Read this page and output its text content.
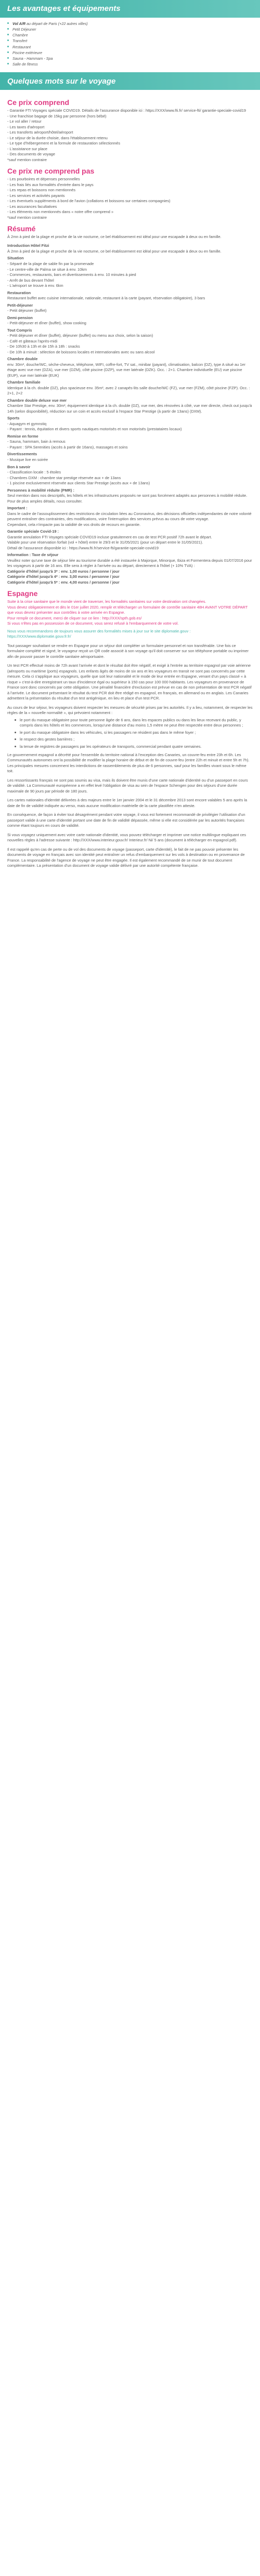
Les avantages et équipements
Vol A/R au départ de Paris (+22 autres villes)
Petit Déjeuner
Chambre
Transfert
Restaurant
Piscine extérieure
Sauna - Hammam - Spa
Salle de fitness
Quelques mots sur le voyage
Ce prix comprend
- Garantie FTI Voyages spéciale COVID19. Détails de l'assurance disponible ici : https://XXX/www.fti.fr/ service-fti/ garantie-speciale-covid19
- Une franchise bagage de 15kg par personne (hors bébé)
- Le vol aller / retour
- Les taxes d'aéroport
- Les transferts aéroport/hôtel/aéroport
- Le séjour de la durée choisie, dans l'établissement retenu
- Le type d'hébergement et la formule de restauration sélectionnés
- L'assistance sur place
- Des documents de voyage
*sauf mention contraire
Ce prix ne comprend pas
- Les pourboires et dépenses personnelles
- Les frais liés aux formalités d'entrée dans le pays
- Les repas et boissons non mentionnés
- Les services et activités payants
- Les éventuels suppléments à bord de l'avion (collations et boissons sur certaines compagnies)
- Les assurances facultatives
- Les éléments non mentionnés dans « notre offre comprend »
*sauf mention contraire
Résumé

À 2mn à pied de la plage et proche de la vie nocturne, ce bel établissement est idéal pour une escapade à deux ou en famille.

Introduction Hôtel Fitzi
À 2mn à pied de la plage et proche de la vie nocturne, ce bel établissement est idéal pour une escapade à deux ou en famille.
Situation
- Séparé de la plage de sable fin par la promenade
- Le centre-ville de Palma se situe à env. 10km
- Commerces, restaurants, bars et divertissements à env. 10 minutes à pied
- Arrêt de bus devant l'hôtel
- L'aéroport se trouve à env. 6km
Restauration
Restaurant buffet avec cuisine internationale, nationale, restaurant à la carte (payant, réservation obligatoire), 3 bars
Petit-déjeuner
- Petit déjeuner (buffet)
Demi-pension
- Petit-déjeuner et dîner (buffet), show cooking
Tout Compris
- Petit déjeuner et dîner (buffet), déjeuner (buffet) ou menu aux choix, selon la saison)
- Café et gâteaux l'après-midi
- De 10h30 à 13h et de 15h à 18h : snacks
- De 10h à minuit : sélection de boissons locales et internationales avec ou sans alcool
Chambre double
env. 30m², douche/WC, sèche-cheveux, téléphone, WIFI, coffre-fort, TV sat., minibar (payant), climatisation, balcon (DZ), type A situé au 1er étage avec vue mer (DZA), vue mer (DZM), côté piscine (DZP), vue mer latérale (DZK). Occ. : 2+1. Chambre individuelle (EU) vue piscine (EUP), vue mer latérale (EUK)
Chambre familiale
Identique à la ch. double (DZ), plus spacieuse env. 35m², avec 2 canapés-lits salle douche/WC (FZ), vue mer (FZM), côté piscine (FZP). Occ. : 2+1, 2+2
Chambre double deluxe vue mer
Chambre Star Prestige, env. 30m², équipement identique à la ch. double (DZ), vue mer, des rénovées à côté, vue mer directe, check out jusqu'à 14h (selon disponibilité), réduction sur un coin et accès exclusif à l'espace Star Prestige (à partir de 13ans) (DXM).
Sports
- Aquagym et gymnstiq
- Payant : tennis, équitation et divers sports nautiques motorisés et non motorisés (prestataires locaux)
Remise en forme
- Sauna, hammam, bain à remous
- Payant : SPA Serenities (accès à partir de 16ans), massages et soins
Divertissements
- Musique live en soirée
Bon à savoir
- Classification locale : 5 étoiles
- Chambres DXM : chambre star prestige réservée aux + de 13ans
- 1 piscine exclusivement réservée aux clients Star Prestige (accès aux + de 13ans)
Personnes à mobilité réduite (PMR) :
Seul mention dans nos descriptifs, les hôtels et les infrastructures proposés ne sont pas forcément adaptés aux personnes à mobilité réduite. Pour de plus amples détails, nous consulter.
Important :
Dans le cadre de l'assouplissement des restrictions de circulation liées au Coronavirus, des décisions officielles indépendantes de notre volonté peuvent entraîner des contraintes, des modifications, voire l'interruption des services prévus au cours de votre voyage.
Cependant, cela n'impacte pas la validité de vos droits de recours en garantie.
Garantie spéciale Covid-19 :
Garantie annulation FTI Voyages spéciale COVID19 incluse gratuitement en cas de test PCR positif 72h avant le départ.
Valable pour une réservation forfait (vol + hôtel) entre le 29/3 et le 31/05/2021 (pour un départ entre le 31/05/2021).
Détail de l'assurance disponible ici : https://www.fti.fr/service-fti/garantie-speciale-covid19
Information : Taxe de séjour
Veuillez noter qu'une taxe de séjour liée au tourisme durable a été instaurée à Majorque, Minorque, Ibiza et Formentera depuis 01/07/2016 pour les voyageurs à partir de 16 ans. Elle sera à régler à l'arrivée ou au départ, directement à l'hôtel (+ 10% TVA) :
Catégorie d'hôtel jusqu'à 3* : env. 1,00 euros / personne / jour
Catégorie d'hôtel jusqu'à 4* : env. 3,00 euros / personne / jour
Catégorie d'hôtel jusqu'à 5* : env. 4,00 euros / personne / jour
Espagne
Suite à la crise sanitaire que le monde vient de traverser, les formalités sanitaires sur votre destination ont changées.
Vous devez obligatoirement et dès le 01er juillet 2020, remplir et télécharger un formulaire de contrôle sanitaire 48H AVANT VOTRE DÉPART que vous devrez présenter aux contrôles à votre arrivée en Espagne.
Pour remplir ce document, merci de cliquer sur ce lien : http://XXX/spth.gob.es/
Si vous n'êtes pas en possession de ce document, vous serez refusé à l'embarquement de votre vol.

Nous vous recommandons de toujours vous assurer des formalités mises à jour sur le site diplomatie.gouv : https://XXX/www.diplomatie.gouv.fr.fr/

Tout passager souhaitant se rendre en Espagne pour un séjour doit compléter un formulaire personnel et non transférable. Une fois ce formulaire complété et signé, le voyageur reçoit un QR code associé à son voyage qu'il doit conserver sur son téléphone portable ou imprimer afin de pouvoir passer le contrôle sanitaire aéroportuaire.

Un test PCR effectué moins de 72h avant l'arrivée et dont le résultat doit être négatif, et exigé à l'entrée au territoire espagnol par voie aérienne (aéroports ou maritime (ports) espagnols. Les enfants âgés de moins de six ans et les voyageurs en transit ne sont pas concernés par cette mesure. Cela ci s'applique aux voyageurs, quelle que soit leur nationalité et le mode de leur entrée en Espagne, venant d'un pays classé « à risque » c'est-à-dire enregistrant un taux d'incidence égal ou supérieur à 150 cas pour 100 000 habitants. Les voyageurs en provenance de France sont donc concernés par cette obligation. Une pénalité financière d'exclusion est prévue en cas de non présentation de test PCR négatif à l'arrivée. Le document présentant le résultat du test PCR doit être rédigé en espagnol, en français, en allemand ou en anglais. Les Canaries admettent la présentation du résultat d'un test antigénique, en lieu et place d'un test PCR.

Au cours de leur séjour, les voyageurs doivent respecter les mesures de sécurité prises par les autorités. Il y a lieu, notamment, de respecter les règles de la « nouvelle normalité », qui prévoient notamment :

le port du masque obligatoire pour toute personne âgée de 6 ans, dans les espaces publics ou dans les lieux recevant du public, y compris dans les hôtels et les commerces, lorsqu'une distance d'au moins 1,5 mètre ne peut être respectée entre deux personnes ;
le port du masque obligatoire dans les véhicules, si les passagers ne résident pas dans le même foyer ;
le respect des gestes barrières ;
la tenue de registres de passagers par les opérateurs de transports, commercial pendant quatre semaines.

Le gouvernement espagnol a décrété pour l'ensemble du territoire national à l'exception des Canaries, un couvre-feu entre 23h et 6h. Les Communautés autonomes ont la possibilité de modifier la plage horaire de début et de fin de couvre-feu (entre 22h et minuit et entre 5h et 7h). Les principales mesures concernent les interdictions de rassemblements de plus de 6 personnes, sauf pour les familles vivant sous le même toit.

Les ressortissants français ne sont pas soumis au visa, mais ils doivent être munis d'une carte nationale d'identité ou d'un passeport en cours de validité. La Communauté européenne a en effet levé l'obligation de visa au sein de l'espace Schengen pour des séjours d'une durée maximale de 90 jours par période de 180 jours.

Les cartes nationales d'identité délivrées à des majeurs entre le 1er janvier 2004 et le 31 décembre 2013 sont encore valables 5 ans après la date de fin de validité indiquée au verso, mais aucune modification matérielle de la carte plastifiée n'en atteste.

En conséquence, de façon à éviter tout désagrément pendant votre voyage, il vous est fortement recommandé de privilégier l'utilisation d'un passeport valide à une carte d'identité portant une date de fin de validité dépassée, même si elle est considérée par les autorités françaises comme étant toujours en cours de validité.

Si vous voyagez uniquement avec votre carte nationale d'identité, vous pouvez télécharger et imprimer une notice multilingue expliquant ces nouvelles règles à l'adresse suivante : http://XXX/www.interieur.gouv.fr/ Interieur.fr/ Ni/ 5 ans (document à télécharger en espagnol.pdf).

Il est rappelé qu'en cas de perte ou de vol des documents de voyage (passeport, carte d'identité), le fait de ne pas pouvoir présenter les documents de voyage en français avec son identité peut entraîner un refus d'embarquement sur les vols à destination ou en provenance de France. La responsabilité de l'agence de voyage ne peut être engagée. Il est également recommandé de se munir de tout document complémentaire. La présentation d'un document de voyage valide délivré par une autorité compétente française.
